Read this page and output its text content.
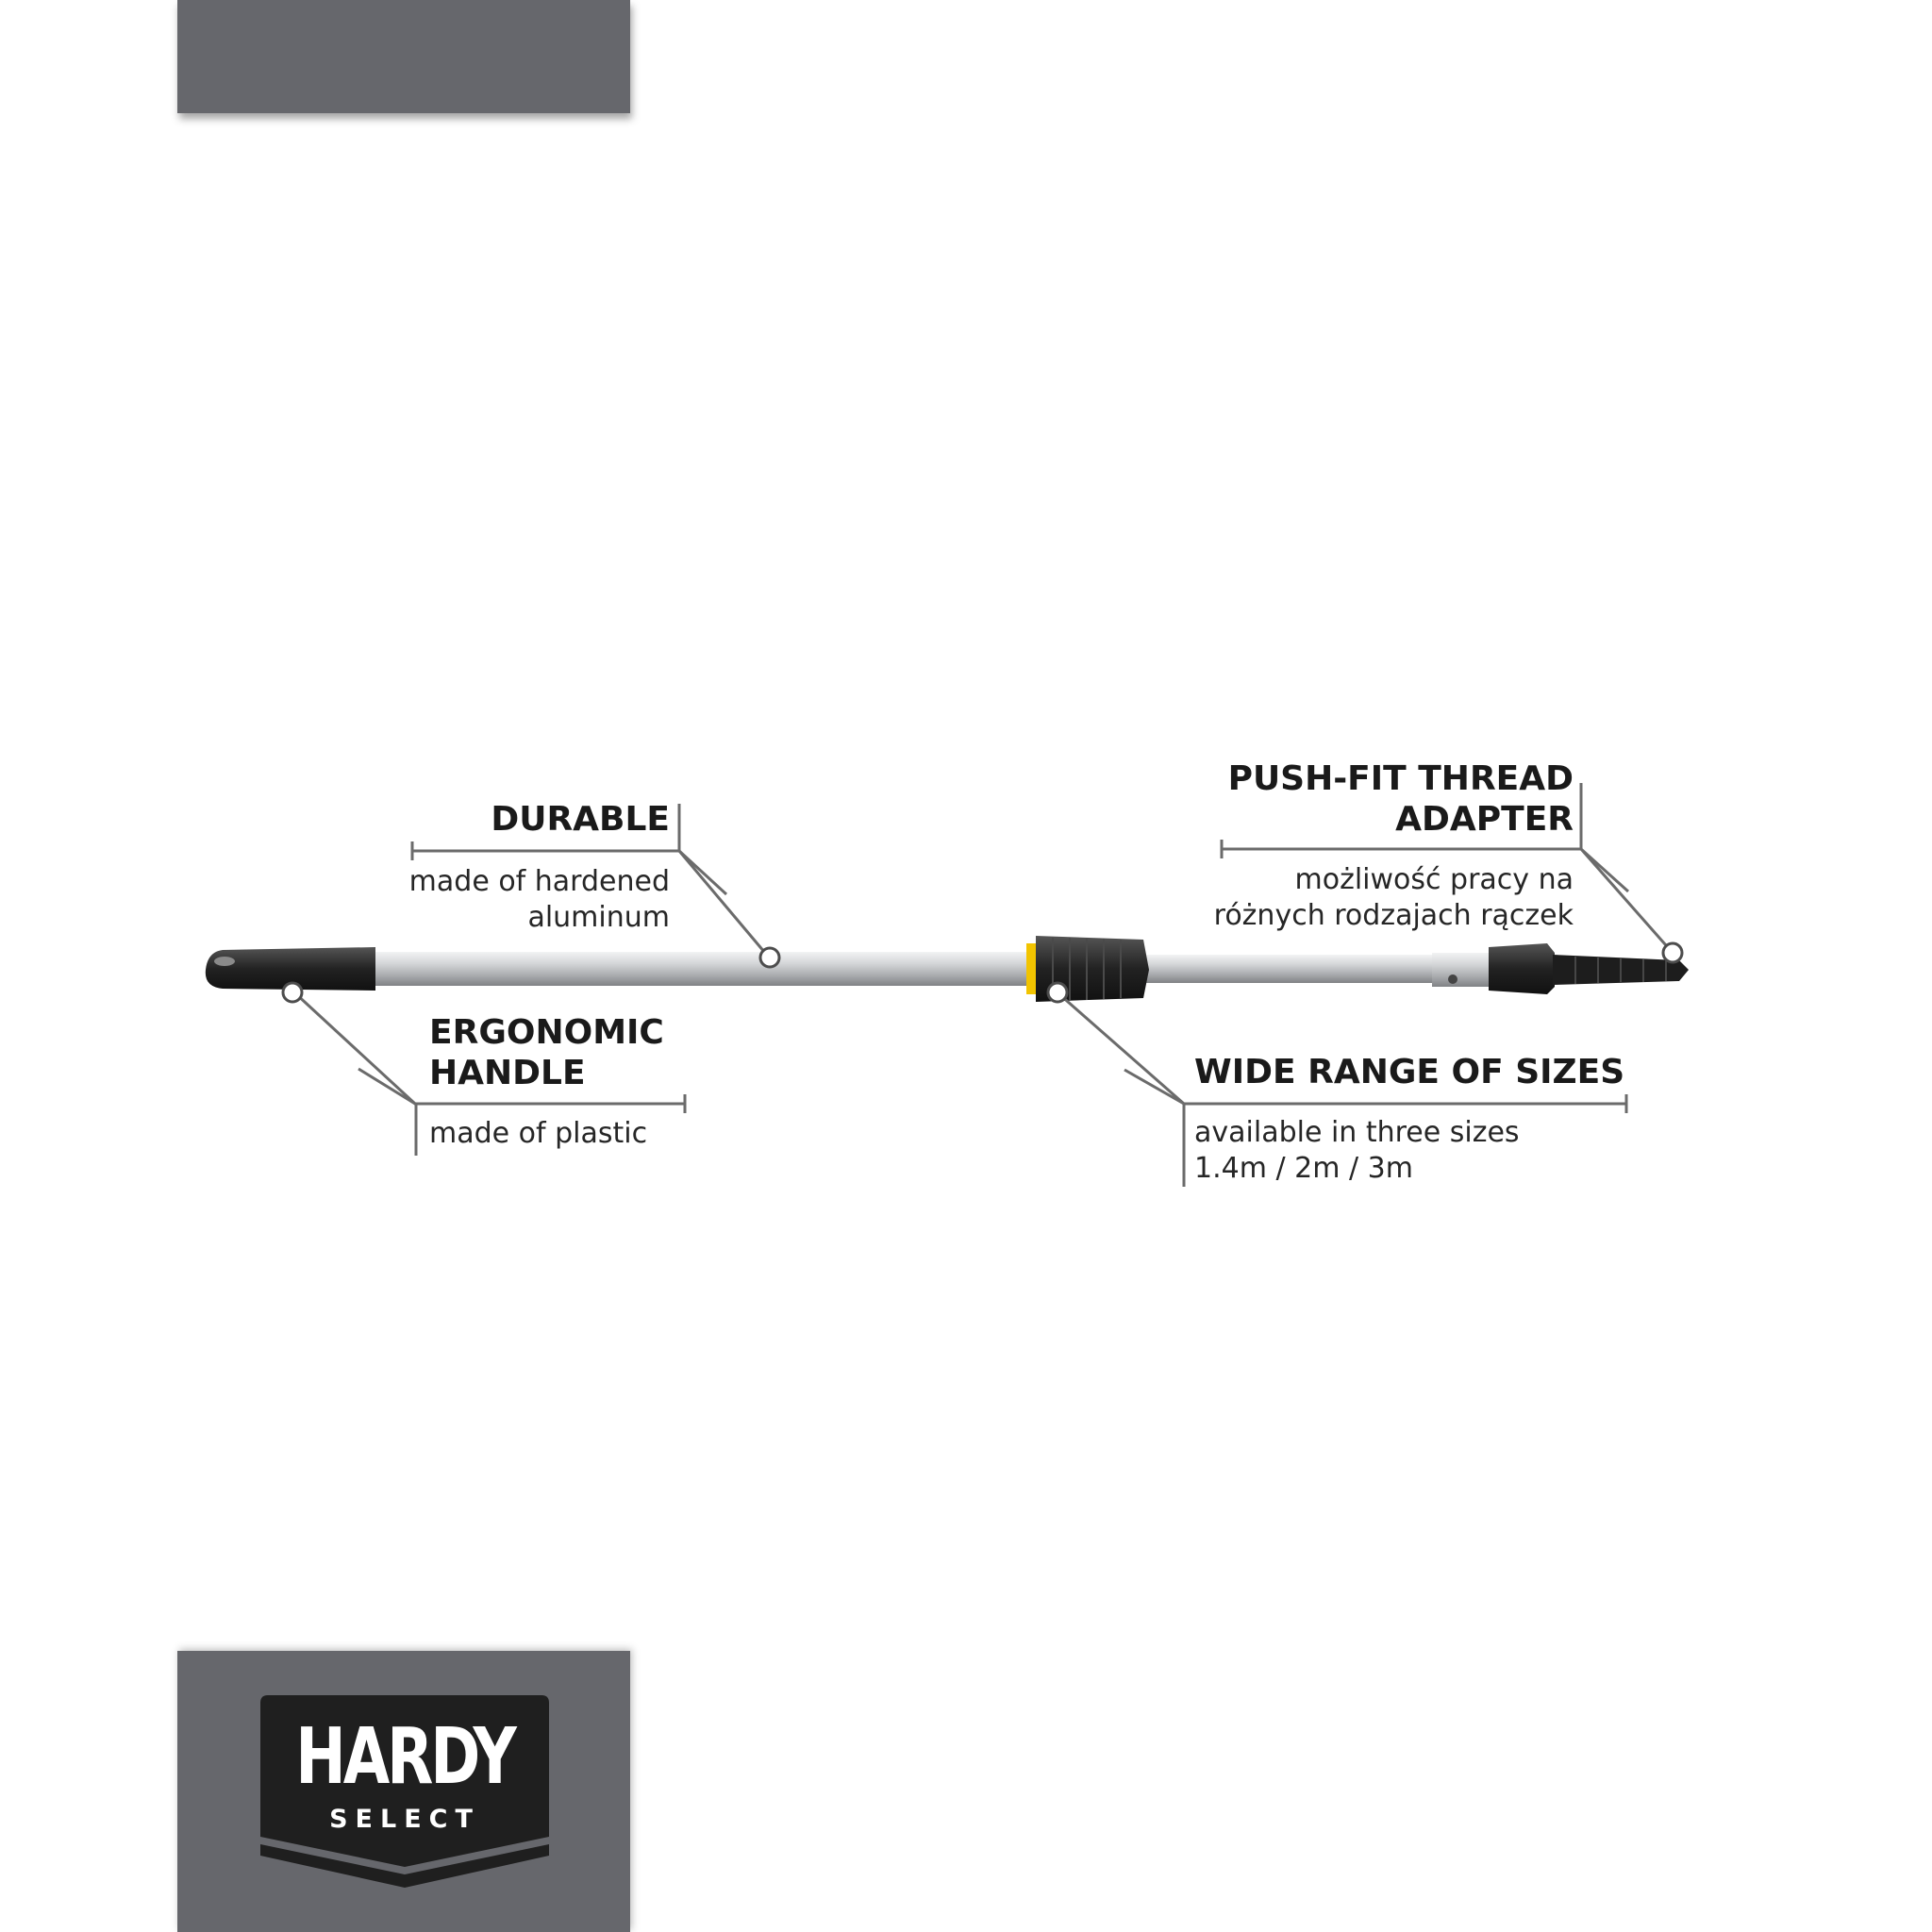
DURABLE
made of hardened
aluminum
ERGONOMIC
HANDLE
made of plastic
PUSH-FIT THREAD
ADAPTER
możliwość pracy na
różnych rodzajach rączek
WIDE RANGE OF SIZES
available in three sizes
1.4m / 2m / 3m
HARDY
SELECT
